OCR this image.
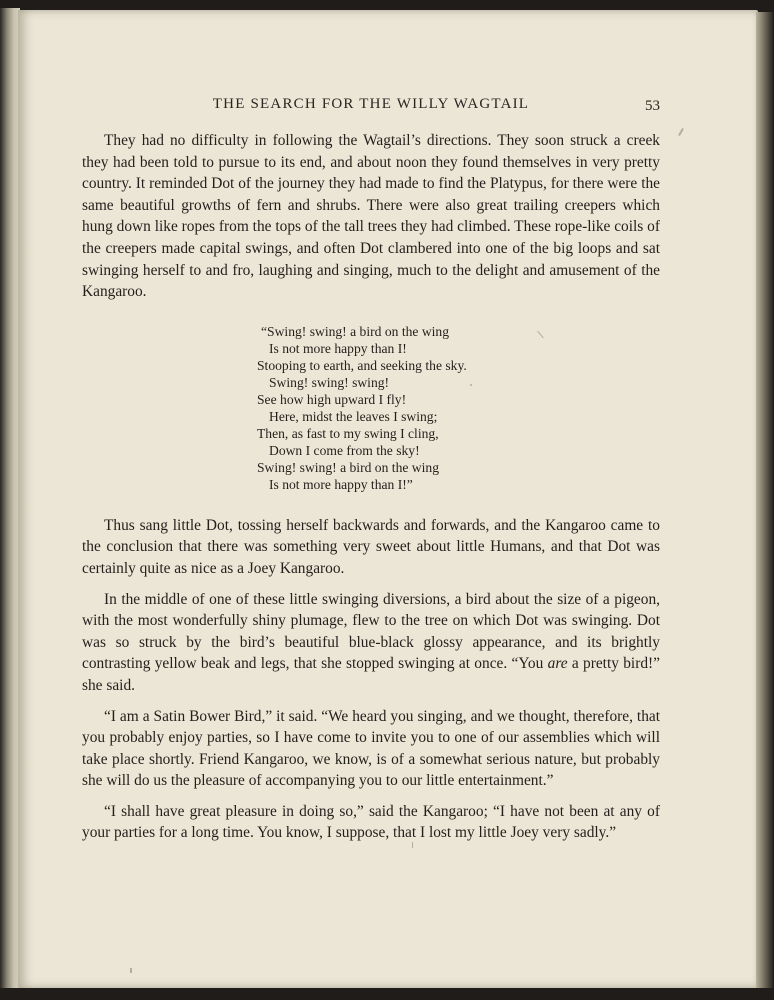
THE SEARCH FOR THE WILLY WAGTAIL	53

They had no difficulty in following the Wagtail’s directions. They soon struck a creek they had been told to pursue to its end, and about noon they found themselves in very pretty country. It reminded Dot of the journey they had made to find the Platypus, for there were the same beautiful growths of fern and shrubs. There were also great trailing creepers which hung down like ropes from the tops of the tall trees they had climbed. These rope-like coils of the creepers made capital swings, and often Dot clambered into one of the big loops and sat swinging herself to and fro, laughing and singing, much to the delight and amusement of the Kangaroo.

“Swing! swing! a bird on the wing
Is not more happy than I!
Stooping to earth, and seeking the sky.
Swing! swing! swing!
See how high upward I fly!
Here, midst the leaves I swing;
Then, as fast to my swing I cling,
Down I come from the sky!
Swing! swing! a bird on the wing
Is not more happy than I!”

Thus sang little Dot, tossing herself backwards and forwards, and the Kangaroo came to the conclusion that there was something very sweet about little Humans, and that Dot was certainly quite as nice as a Joey Kangaroo.

In the middle of one of these little swinging diversions, a bird about the size of a pigeon, with the most wonderfully shiny plumage, flew to the tree on which Dot was swinging. Dot was so struck by the bird’s beautiful blue-black glossy appearance, and its brightly contrasting yellow beak and legs, that she stopped swinging at once. “You are a pretty bird!” she said.

“I am a Satin Bower Bird,” it said. “We heard you singing, and we thought, therefore, that you probably enjoy parties, so I have come to invite you to one of our assemblies which will take place shortly. Friend Kangaroo, we know, is of a somewhat serious nature, but probably she will do us the pleasure of accompanying you to our little entertainment.”

“I shall have great pleasure in doing so,” said the Kangaroo; “I have not been at any of your parties for a long time. You know, I suppose, that I lost my little Joey very sadly.”
